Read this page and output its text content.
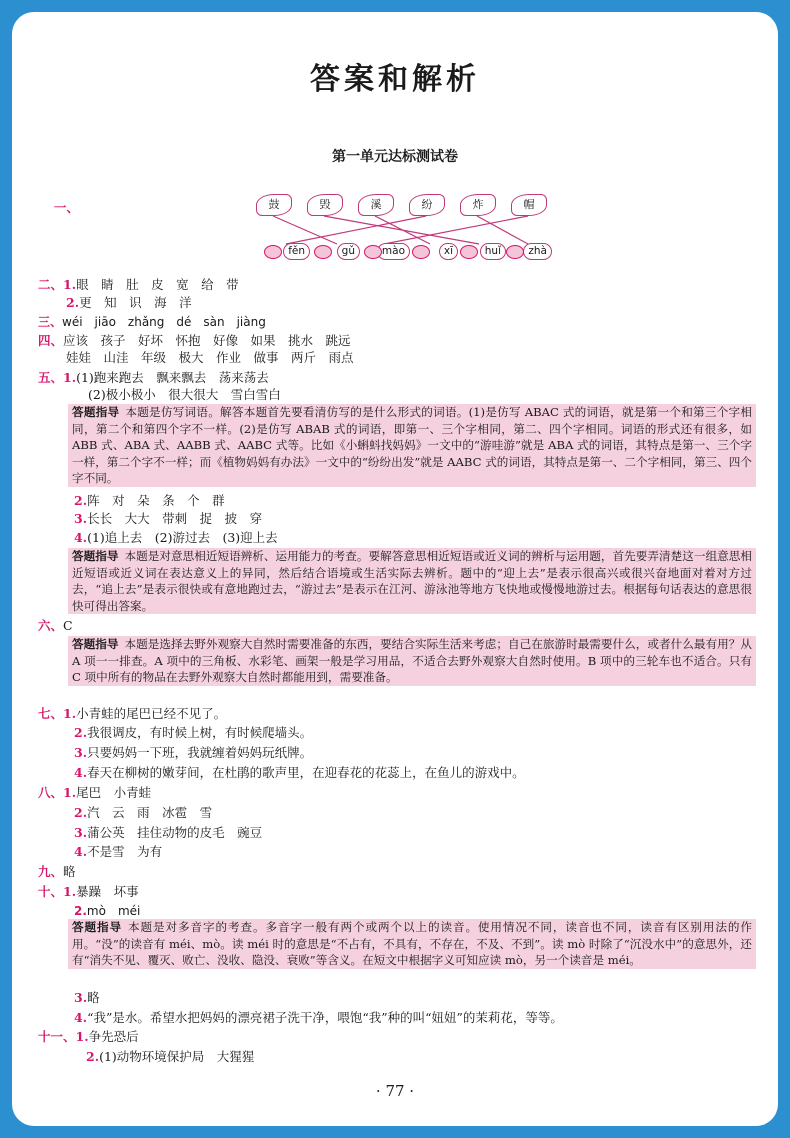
答案和解析
第一单元达标测试卷

一、
	鼓	毁	溪	纷	炸	帽
fěn	gǔ	mào	xī	huǐ	zhà
二、1.眼　睛　肚　皮　宽　给　带
2.更　知　识　海　洋
三、wéi　jiāo　zhǎng　dé　sàn　jiàng
四、应该　孩子　好坏　怀抱　好像　如果　挑水　跳远
娃娃　山洼　年级　极大　作业　做事　两斤　雨点
五、1.(1)跑来跑去　飘来飘去　荡来荡去
(2)极小极小　很大很大　雪白雪白
答题指导 本题是仿写词语。解答本题首先要看清仿写的是什么形式的词语。(1)是仿写 ABAC 式的词语，就是第一个和第三个字相同，第二个和第四个字不一样。(2)是仿写 ABAB 式的词语，即第一、三个字相同，第二、四个字相同。词语的形式还有很多，如 ABB 式、ABA 式、AABB 式、AABC 式等。比如《小蝌蚪找妈妈》一文中的“游哇游”就是 ABA 式的词语，其特点是第一、三个字一样，第二个字不一样；而《植物妈妈有办法》一文中的“纷纷出发”就是 AABC 式的词语，其特点是第一、二个字相同，第三、四个字不同。
2.阵　对　朵　条　个　群
3.长长　大大　带刺　捉　披　穿
4.(1)追上去　(2)游过去　(3)迎上去
答题指导 本题是对意思相近短语辨析、运用能力的考查。要解答意思相近短语或近义词的辨析与运用题，首先要弄清楚这一组意思相近短语或近义词在表达意义上的异同，然后结合语境或生活实际去辨析。题中的“迎上去”是表示很高兴或很兴奋地面对着对方过去，“追上去”是表示很快或有意地跑过去，“游过去”是表示在江河、游泳池等地方飞快地或慢慢地游过去。根据每句话表达的意思很快可得出答案。
六、C
答题指导 本题是选择去野外观察大自然时需要准备的东西，要结合实际生活来考虑；自己在旅游时最需要什么，或者什么最有用？从 A 项一一排查。A 项中的三角板、水彩笔、画架一般是学习用品，不适合去野外观察大自然时使用。B 项中的三轮车也不适合。只有 C 项中所有的物品在去野外观察大自然时都能用到，需要准备。
七、1.小青蛙的尾巴已经不见了。
2.我很调皮，有时候上树，有时候爬墙头。
3.只要妈妈一下班，我就缠着妈妈玩纸牌。
4.春天在柳树的嫩芽间，在杜鹃的歌声里，在迎春花的花蕊上，在鱼儿的游戏中。
八、1.尾巴　小青蛙
2.汽　云　雨　冰雹　雪
3.蒲公英　挂住动物的皮毛　豌豆
4.不是雪　为有
九、略
十、1.暴躁　坏事
2.mò　méi
答题指导 本题是对多音字的考查。多音字一般有两个或两个以上的读音。使用情况不同，读音也不同，读音有区别用法的作用。“没”的读音有 méi、mò。读 méi 时的意思是“不占有，不具有，不存在，不及、不到”。读 mò 时除了“沉没水中”的意思外，还有“消失不见、覆灭、败亡、没收、隐没、衰败”等含义。在短文中根据字义可知应读 mò，另一个读音是 méi。
3.略
4.“我”是水。希望水把妈妈的漂亮裙子洗干净，喂饱“我”种的叫“妞妞”的茉莉花，等等。
十一、1.争先恐后
2.(1)动物环境保护局　大猩猩
· 77 ·
